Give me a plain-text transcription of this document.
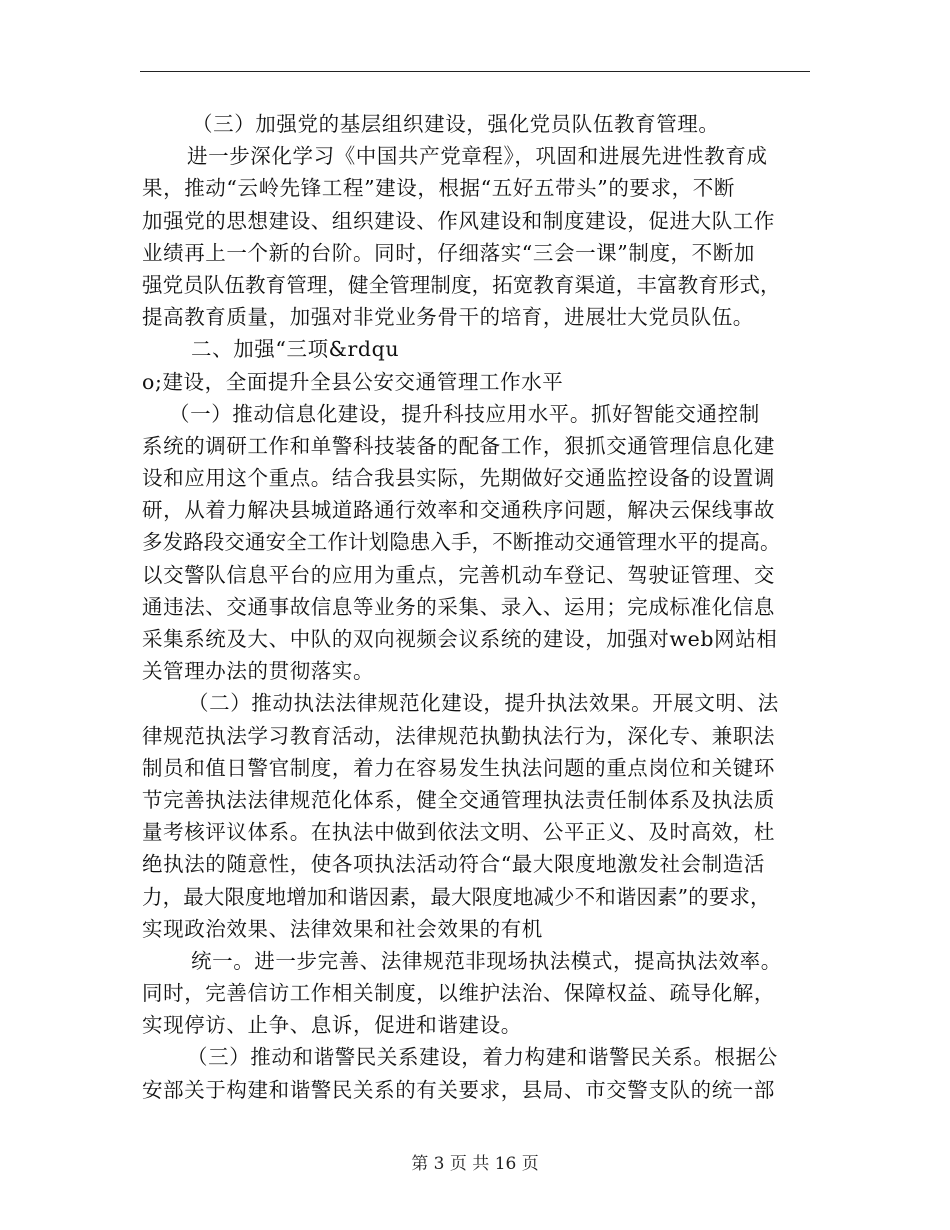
（三）加强党的基层组织建设，强化党员队伍教育管理。
进一步深化学习《中国共产党章程》，巩固和进展先进性教育成
果，推动“云岭先锋工程”建设，根据“五好五带头”的要求，不断
加强党的思想建设、组织建设、作风建设和制度建设，促进大队工作
业绩再上一个新的台阶。同时，仔细落实“三会一课”制度，不断加
强党员队伍教育管理，健全管理制度，拓宽教育渠道，丰富教育形式，
提高教育质量，加强对非党业务骨干的培育，进展壮大党员队伍。
二、加强“三项&rdqu
o;建设，全面提升全县公安交通管理工作水平
（一）推动信息化建设，提升科技应用水平。抓好智能交通控制
系统的调研工作和单警科技装备的配备工作，狠抓交通管理信息化建
设和应用这个重点。结合我县实际，先期做好交通监控设备的设置调
研，从着力解决县城道路通行效率和交通秩序问题，解决云保线事故
多发路段交通安全工作计划隐患入手，不断推动交通管理水平的提高。
以交警队信息平台的应用为重点，完善机动车登记、驾驶证管理、交
通违法、交通事故信息等业务的采集、录入、运用；完成标准化信息
采集系统及大、中队的双向视频会议系统的建设，加强对web网站相
关管理办法的贯彻落实。
（二）推动执法法律规范化建设，提升执法效果。开展文明、法
律规范执法学习教育活动，法律规范执勤执法行为，深化专、兼职法
制员和值日警官制度，着力在容易发生执法问题的重点岗位和关键环
节完善执法法律规范化体系，健全交通管理执法责任制体系及执法质
量考核评议体系。在执法中做到依法文明、公平正义、及时高效，杜
绝执法的随意性，使各项执法活动符合“最大限度地激发社会制造活
力，最大限度地增加和谐因素，最大限度地减少不和谐因素”的要求，
实现政治效果、法律效果和社会效果的有机
统一。进一步完善、法律规范非现场执法模式，提高执法效率。
同时，完善信访工作相关制度，以维护法治、保障权益、疏导化解，
实现停访、止争、息诉，促进和谐建设。
（三）推动和谐警民关系建设，着力构建和谐警民关系。根据公
安部关于构建和谐警民关系的有关要求，县局、市交警支队的统一部
第 3 页 共 16 页
